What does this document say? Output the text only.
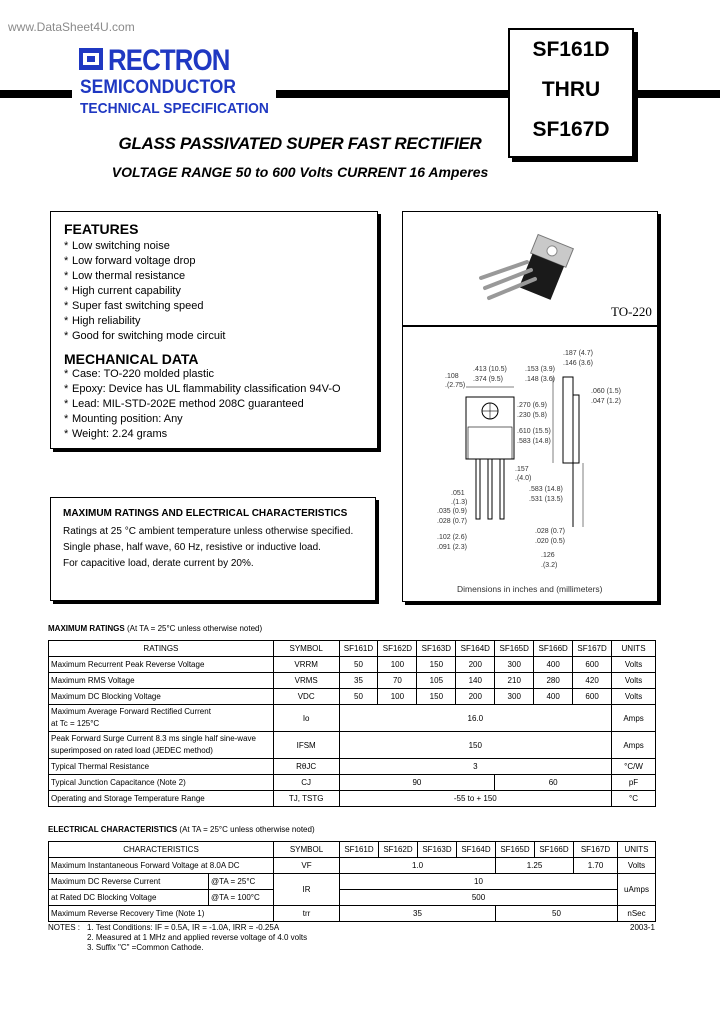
www.DataSheet4U.com
RECTRON
SEMICONDUCTOR
TECHNICAL SPECIFICATION
SF161D
THRU
SF167D
GLASS PASSIVATED SUPER FAST RECTIFIER
VOLTAGE RANGE 50 to 600 Volts CURRENT 16 Amperes
FEATURES
* Low switching noise
* Low forward voltage drop
* Low thermal resistance
* High current capability
* Super fast switching speed
* High reliability
* Good for switching mode circuit
MECHANICAL DATA
* Case: TO-220 molded plastic
* Epoxy: Device has UL flammability classification 94V-O
* Lead: MIL-STD-202E method 208C guaranteed
* Mounting position: Any
* Weight: 2.24 grams
TO-220
.413 (10.5)
.374 (9.5)
.108
.(2.75)
.153 (3.9)
.148 (3.6)
.187 (4.7)
.146 (3.6)
.060 (1.5)
.047 (1.2)
.270 (6.9)
.230 (5.8)
.610 (15.5)
.583 (14.8)
.157
.(4.0)
.583 (14.8)
.531 (13.5)
.051
.(1.3)
.035 (0.9)
.028 (0.7)
.102 (2.6)
.091 (2.3)
.028 (0.7)
.020 (0.5)
.126
.(3.2)
Dimensions in inches and (millimeters)
MAXIMUM RATINGS AND ELECTRICAL CHARACTERISTICS
Ratings at 25 °C ambient temperature unless otherwise specified.
Single phase, half wave, 60 Hz, resistive or inductive load.
For capacitive load, derate current by 20%.
MAXIMUM RATINGS (At TA = 25°C unless otherwise noted)
RATINGS	SYMBOL	SF161D	SF162D	SF163D	SF164D	SF165D	SF166D	SF167D	UNITS
Maximum Recurrent Peak Reverse Voltage	VRRM	50	100	150	200	300	400	600	Volts
Maximum RMS Voltage	VRMS	35	70	105	140	210	280	420	Volts
Maximum DC Blocking Voltage	VDC	50	100	150	200	300	400	600	Volts

Maximum Average Forward Rectified Current
at Tc = 125°C	Io	16.0							Amps

Peak Forward Surge Current 8.3 ms single half sine-wave
superimposed on rated load (JEDEC method)	IFSM	150							Amps
Typical Thermal Resistance	RθJC	3							°C/W
Typical Junction Capacitance (Note 2)	CJ	90				60			pF
Operating and Storage Temperature Range	TJ, TSTG	-55 to + 150							°C
ELECTRICAL CHARACTERISTICS (At TA = 25°C unless otherwise noted)
CHARACTERISTICS		SYMBOL	SF161D	SF162D	SF163D	SF164D	SF165D	SF166D	SF167D	UNITS
Maximum Instantaneous Forward Voltage at 8.0A DC		VF	1.0				1.25		1.70	Volts
Maximum DC Reverse Current	@TA = 25°C	IR	10							uAmps
at Rated DC Blocking Voltage	@TA = 100°C		500							
Maximum Reverse Recovery Time (Note 1)		trr	35				50			nSec
NOTES : 1. Test Conditions: IF = 0.5A, IR = -1.0A, IRR = -0.25A
2. Measured at 1 MHz and applied reverse voltage of 4.0 volts
3. Suffix "C" =Common Cathode.
2003-1
